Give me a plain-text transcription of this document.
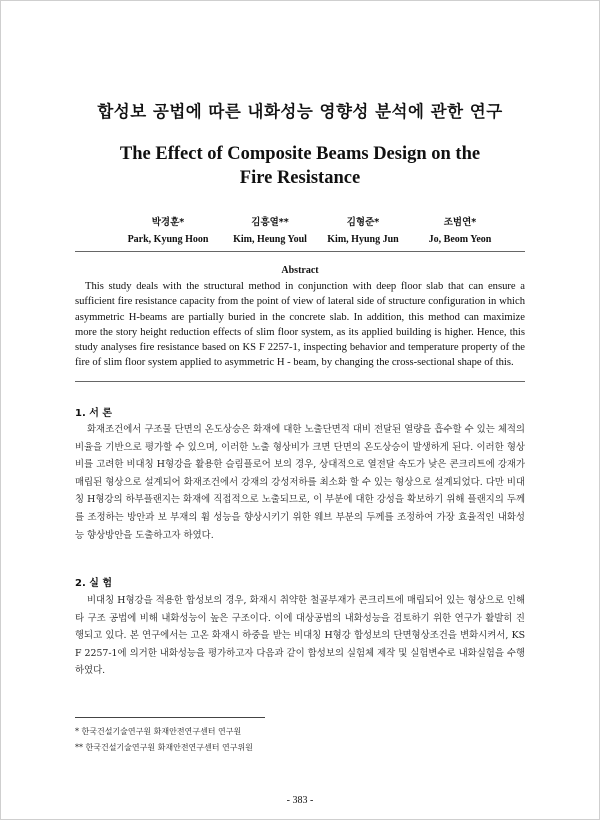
합성보 공법에 따른 내화성능 영향성 분석에 관한 연구
The Effect of Composite Beams Design on the
Fire Resistance
박경훈*
Park, Kyung Hoon
김흥열**
Kim, Heung Youl
김형준*
Kim, Hyung Jun
조범연*
Jo, Beom Yeon
Abstract

This study deals with the structural method in conjunction with deep floor slab that can ensure a sufficient fire resistance capacity from the point of view of lateral side of structure configuration in which asymmetric H-beams are partially buried in the concrete slab. In addition, this method can maximize more the story height reduction effects of slim floor system, as its applied building is higher. Hence, this study analyses fire resistance based on KS F 2257-1, inspecting behavior and temperature property of the fire of slim floor system applied to asymmetric H - beam, by changing the cross-sectional shape of this.

1. 서 론

화재조건에서 구조물 단면의 온도상승은 화재에 대한 노출단면적 대비 전달된 열량을 흡수할 수 있는 체적의 비율을 기반으로 평가할 수 있으며, 이러한 노출 형상비가 크면 단면의 온도상승이 발생하게 된다. 이러한 형상비를 고려한 비대칭 H형강을 활용한 슬림플로어 보의 경우, 상대적으로 열전달 속도가 낮은 콘크리트에 강재가 매립된 형상으로 설계되어 화재조건에서 강재의 강성저하를 최소화 할 수 있는 형상으로 설계되었다. 다만 비대칭 H형강의 하부플랜지는 화재에 직접적으로 노출되므로, 이 부분에 대한 강성을 확보하기 위해 플랜지의 두께를 조정하는 방안과 보 부재의 휨 성능을 향상시키기 위한 웨브 부분의 두께를 조정하여 가장 효율적인 내화성능 향상방안을 도출하고자 하였다.

2. 실 험

비대칭 H형강을 적용한 합성보의 경우, 화재시 취약한 철골부재가 콘크리트에 매립되어 있는 형상으로 인해 타 구조 공법에 비해 내화성능이 높은 구조이다. 이에 대상공법의 내화성능을 검토하기 위한 연구가 활발히 진행되고 있다. 본 연구에서는 고온 화재시 하중을 받는 비대칭 H형강 합성보의 단면형상조건을 변화시켜서, KS F 2257-1에 의거한 내화성능을 평가하고자 다음과 같이 합성보의 실험체 제작 및 실험변수로 내화실험을 수행하였다.

* 한국건설기술연구원 화재안전연구센터 연구원
** 한국건설기술연구원 화재안전연구센터 연구위원
- 383 -
